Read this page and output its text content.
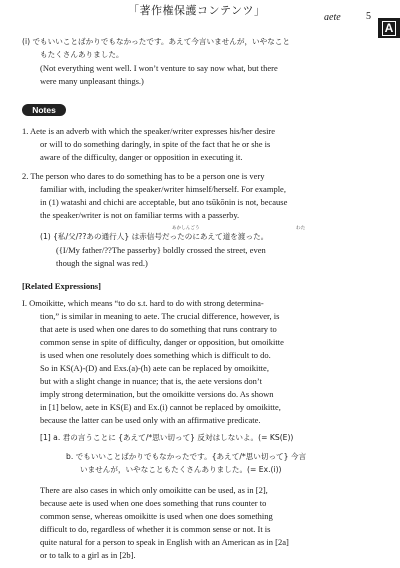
「著作権保護コンテンツ」
aete	5
A
(i) でもいいことばかりでもなかったです。あえて今言いませんが，いやなこと
もたくさんありました。
(Not everything went well. I won’t venture to say now what, but there
were many unpleasant things.)
Notes
1. Aete is an adverb with which the speaker/writer expresses his/her desire
or will to do something daringly, in spite of the fact that he or she is
aware of the difficulty, danger or opposition in executing it.
2. The person who dares to do something has to be a person one is very
familiar with, including the speaker/writer himself/herself. For example,
in (1) watashi and chichi are acceptable, but ano tsūkōnin is not, because
the speaker/writer is not on familiar terms with a passerby.
あかしんごう	わた
(1) {私/父/??あの通行人} は赤信号だったのにあえて道を渡った。
({I/My father/??The passerby} boldly crossed the street, even
though the signal was red.)
[Related Expressions]
I. Omoikitte, which means “to do s.t. hard to do with strong determina-
tion,” is similar in meaning to aete. The crucial difference, however, is
that aete is used when one dares to do something that runs contrary to
common sense in spite of difficulty, danger or opposition, but omoikitte
is used when one resolutely does something which is difficult to do.
So in KS(A)-(D) and Exs.(a)-(h) aete can be replaced by omoikitte,
but with a slight change in nuance; that is, the aete versions don’t
imply strong determination, but the omoikitte versions do. As shown
in [1] below, aete in KS(E) and Ex.(i) cannot be replaced by omoikitte,
because the latter can be used only with an affirmative predicate.
[1] a. 君の言うことに {あえて/*思い切って} 反対はしないよ。(= KS(E))
b. でもいいことばかりでもなかったです。{あえて/*思い切って} 今言
いませんが，いやなこともたくさんありました。(= Ex.(i))
There are also cases in which only omoikitte can be used, as in [2],
because aete is used when one does something that runs counter to
common sense, whereas omoikitte is used when one does something
difficult to do, regardless of whether it is common sense or not. It is
quite natural for a person to speak in English with an American as in [2a]
or to talk to a girl as in [2b].
